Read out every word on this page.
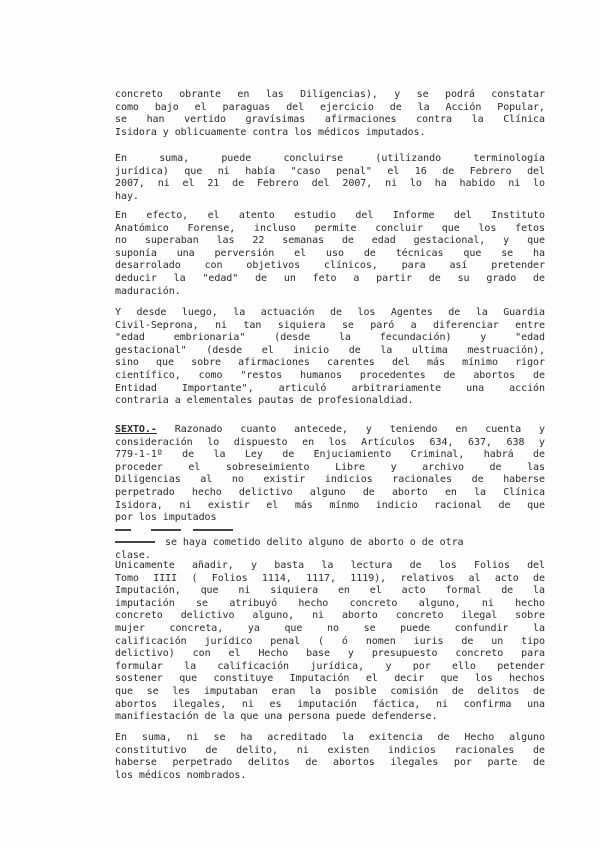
concreto obrante en las Diligencias), y se podrá constatar
como bajo el paraguas del ejercicio de la Acción Popular,
se han vertido gravísimas afirmaciones contra la Clínica
Isidora y oblicuamente contra los médicos imputados.
En suma, puede concluirse (utilizando terminología
jurídica) que ni había "caso penal" el 16 de Febrero del
2007, ni el 21 de Febrero del 2007, ni lo ha habido ni lo
hay.
En efecto, el atento estudio del Informe del Instituto
Anatómico Forense, incluso permite concluir que los fetos
no superaban las 22 semanas de edad gestacional, y que
suponía una perversión el uso de técnicas que se ha
desarrolado con objetivos clínicos, para así pretender
deducir la "edad" de un feto a partir de su grado de
maduración.
Y desde luego, la actuación de los Agentes de la Guardia
Civil-Seprona, ni tan siquiera se paró a diferenciar entre
"edad embrionaria" (desde la fecundación) y "edad
gestacional" (desde el inicio de la ultima mestruación),
sino que sobre afirmaciones carentes del más mínimo rigor
científico, como "restos humanos procedentes de abortos de
Entidad Importante", articuló arbitrariamente una acción
contraria a elementales pautas de profesionaldiad.
SEXTO.- Razonado cuanto antecede, y teniendo en cuenta y
consideración lo dispuesto en los Artículos 634, 637, 638 y
779-1-1º de la Ley de Enjuciamiento Criminal, habrá de
proceder el sobreseimiento Libre y archivo de las
Diligencias al no existir indicios racionales de haberse
perpetrado hecho delictivo alguno de aborto en la Clínica
Isidora, ni existir el más mínmo indicio racional de que
por los imputados

se haya cometido delito alguno de aborto o de otra
clase.
Unicamente añadir, y basta la lectura de los Folios del
Tomo IIII ( Folios 1114, 1117, 1119), relativos al acto de
Imputación, que ni siquiera en el acto formal de la
imputación se atribuyó hecho concreto alguno, ni hecho
concreto delictivo alguno, ni aborto concreto ilegal sobre
mujer concreta, ya que no se puede confundir la
calificación jurídico penal ( ó nomen iuris de un tipo
delictivo) con el Hecho base y presupuesto concreto para
formular la calificación jurídica, y por ello petender
sostener que constituye Imputación el decir que los hechos
que se les imputaban eran la posible comisión de delitos de
abortos ilegales, ni es imputación fáctica, ni confirma una
manifiestación de la que una persona puede defenderse.
En suma, ni se ha acreditado la exitencia de Hecho alguno
constitutivo de delito, ni existen indicios racionales de
haberse perpetrado delitos de abortos ilegales por parte de
los médicos nombrados.
